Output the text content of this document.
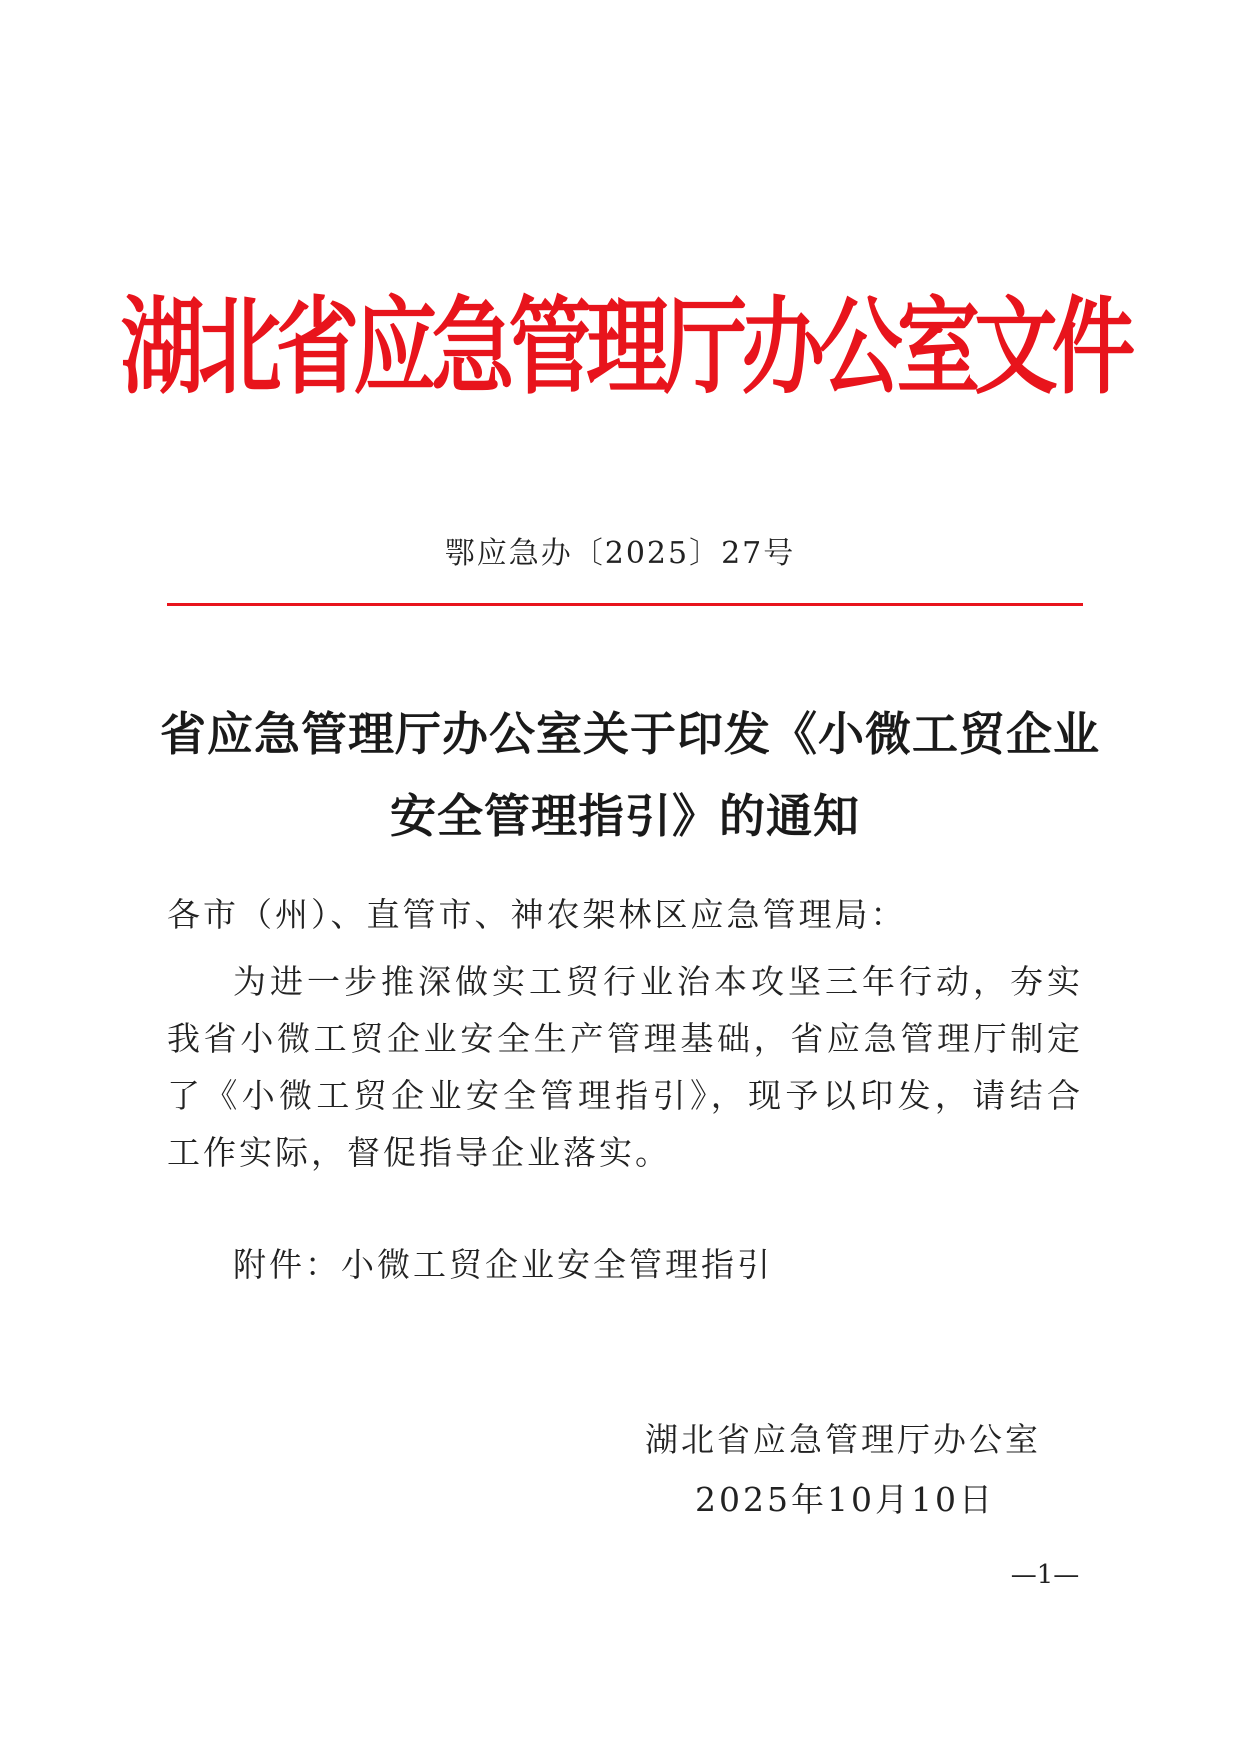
湖北省应急管理厅办公室文件
鄂应急办〔2025〕27号
省应急管理厅办公室关于印发《小微工贸企业
安全管理指引》的通知
各市（州）、直管市、神农架林区应急管理局：
为进一步推深做实工贸行业治本攻坚三年行动，夯实我省小微工贸企业安全生产管理基础，省应急管理厅制定了《小微工贸企业安全管理指引》，现予以印发，请结合工作实际，督促指导企业落实。
附件：小微工贸企业安全管理指引
湖北省应急管理厅办公室
2025年10月10日
—1—
